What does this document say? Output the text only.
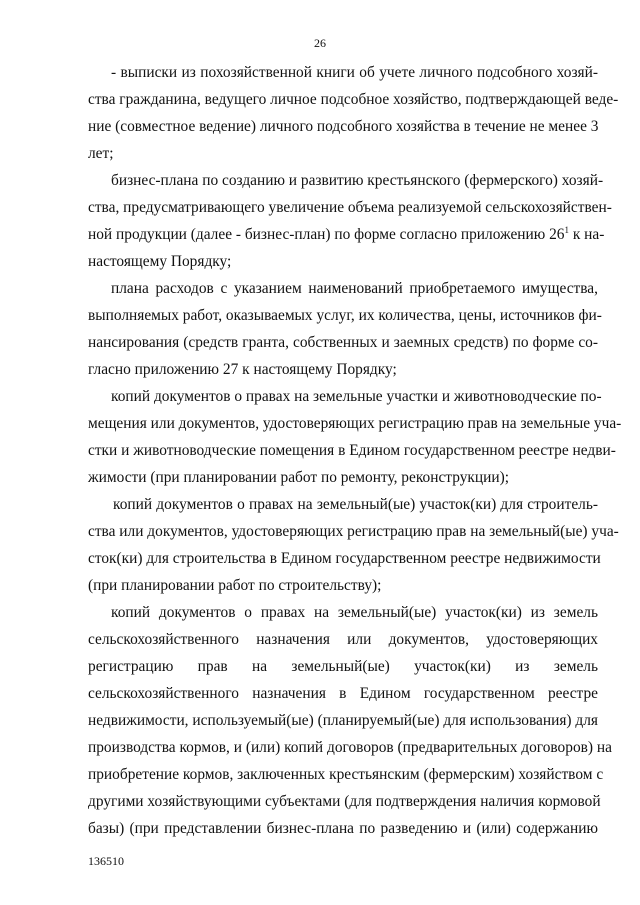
26
- выписки из похозяйственной книги об учете личного подсобного хозяй-
ства гражданина, ведущего личное подсобное хозяйство, подтверждающей веде-
ние (совместное ведение) личного подсобного хозяйства в течение не менее 3
лет;
бизнес-плана по созданию и развитию крестьянского (фермерского) хозяй-
ства, предусматривающего увеличение объема реализуемой сельскохозяйствен-
ной продукции (далее - бизнес-план) по форме согласно приложению $26^1$ к на-
настоящему Порядку;
плана расходов с указанием наименований приобретаемого имущества,
выполняемых работ, оказываемых услуг, их количества, цены, источников фи-
нансирования (средств гранта, собственных и заемных средств) по форме со-
гласно приложению 27 к настоящему Порядку;
копий документов о правах на земельные участки и животноводческие по-
мещения или документов, удостоверяющих регистрацию прав на земельные уча-
стки и животноводческие помещения в Едином государственном реестре недви-
жимости (при планировании работ по ремонту, реконструкции);
копий документов о правах на земельный(ые) участок(ки) для строитель-
ства или документов, удостоверяющих регистрацию прав на земельный(ые) уча-
сток(ки) для строительства в Едином государственном реестре недвижимости
(при планировании работ по строительству);
копий документов о правах на земельный(ые) участок(ки) из земель
сельскохозяйственного назначения или документов, удостоверяющих
регистрацию прав на земельный(ые) участок(ки) из земель
сельскохозяйственного назначения в Едином государственном реестре
недвижимости, используемый(ые) (планируемый(ые) для использования) для
производства кормов, и (или) копий договоров (предварительных договоров) на
приобретение кормов, заключенных крестьянским (фермерским) хозяйством с
другими хозяйствующими субъектами (для подтверждения наличия кормовой
базы) (при представлении бизнес-плана по разведению и (или) содержанию
136510
